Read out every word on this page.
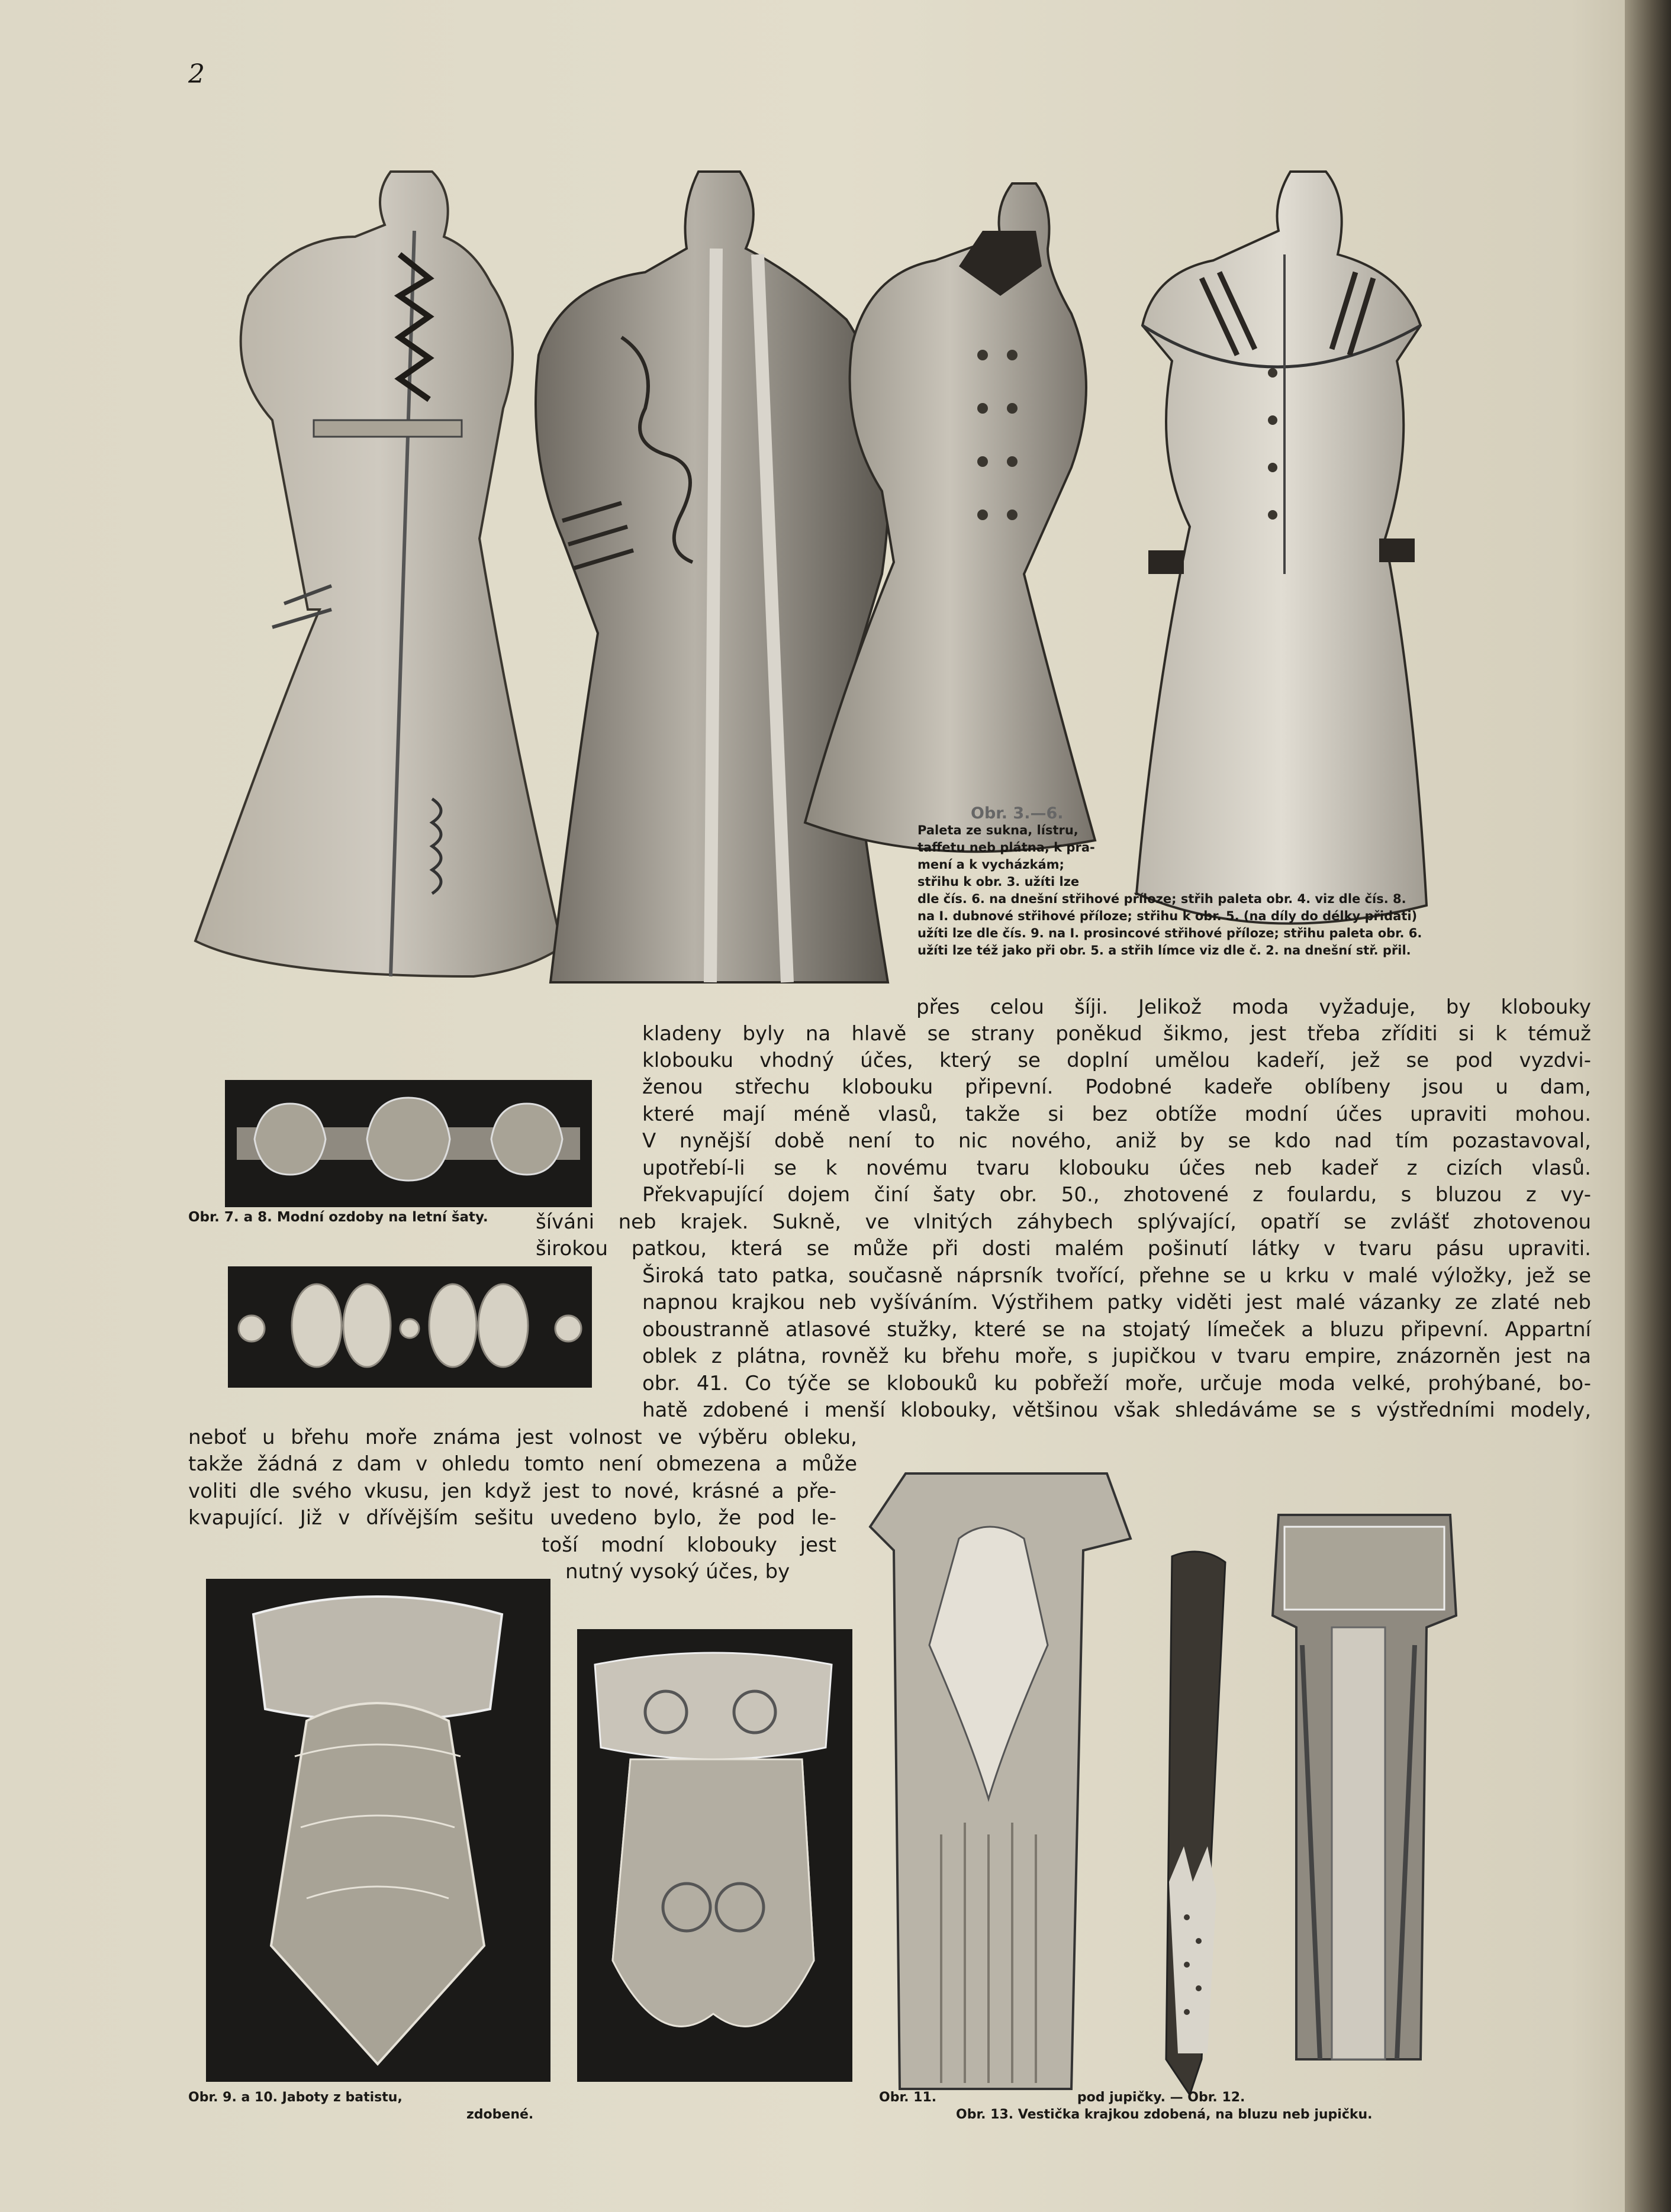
2
Obr. 3.—6.
Paleta ze sukna, lístru,
taffetu neb plátna, k pra-
mení a k vycházkám;
střihu k obr. 3. užíti lze
dle čís. 6. na dnešní střihové příloze; střih paleta obr. 4. viz dle čís. 8.
na I. dubnové střihové příloze; střihu k obr. 5. (na díly do délky přidati)
užíti lze dle čís. 9. na I. prosincové střihové příloze; střihu paleta obr. 6.
užíti lze též jako při obr. 5. a střih límce viz dle č. 2. na dnešní stř. přil.
Obr. 7. a 8. Modní ozdoby na letní šaty.
přes celou šíji. Jelikož moda vyžaduje, by klobouky
kladeny byly na hlavě se strany poněkud šikmo, jest třeba zříditi si k témuž
klobouku vhodný účes, který se doplní umělou kadeří, jež se pod vyzdvi-
ženou střechu klobouku připevní. Podobné kadeře oblíbeny jsou u dam,
které mají méně vlasů, takže si bez obtíže modní účes upraviti mohou.
V nynější době není to nic nového, aniž by se kdo nad tím pozastavoval,
upotřebí-li se k novému tvaru klobouku účes neb kadeř z cizích vlasů.
Překvapující dojem činí šaty obr. 50., zhotovené z foulardu, s bluzou z vy-
šíváni neb krajek. Sukně, ve vlnitých záhybech splývající, opatří se zvlášť zhotovenou
širokou patkou, která se může při dosti malém pošinutí látky v tvaru pásu upraviti.
Široká tato patka, současně náprsník tvořící, přehne se u krku v malé výložky, jež se
napnou krajkou neb vyšíváním. Výstřihem patky viděti jest malé vázanky ze zlaté neb
oboustranně atlasové stužky, které se na stojatý límeček a bluzu připevní. Appartní
oblek z plátna, rovněž ku břehu moře, s jupičkou v tvaru empire, znázorněn jest na
obr. 41. Co týče se klobouků ku pobřeží moře, určuje moda velké, prohýbané, bo-
hatě zdobené i menší klobouky, většinou však shledáváme se s výstředními modely,
neboť u břehu moře známa jest volnost ve výběru obleku,
takže žádná z dam v ohledu tomto není obmezena a může
voliti dle svého vkusu, jen když jest to nové, krásné a pře-
kvapující. Již v dřívějším sešitu uvedeno bylo, že pod le-
toší modní klobouky jest
nutný vysoký účes, by
Obr. 9. a 10. Jaboty z batistu,
zdobené.
Obr. 11.	pod jupičky. — Obr. 12.
Obr. 13. Vestička krajkou zdobená, na bluzu neb jupičku.
